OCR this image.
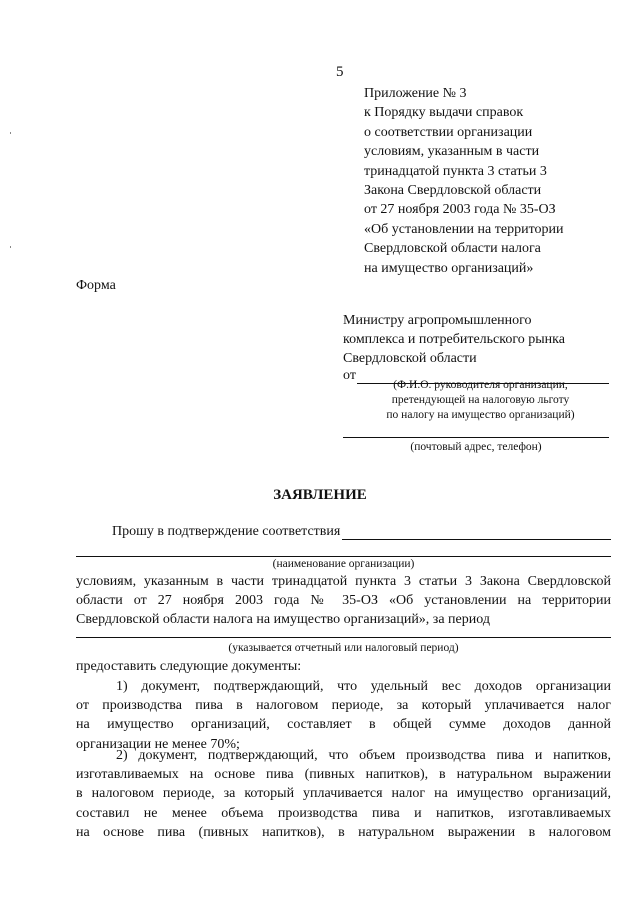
5
Приложение № 3
к Порядку выдачи справок
о соответствии организации
условиям, указанным в части
тринадцатой пункта 3 статьи 3
Закона Свердловской области
от 27 ноября 2003 года № 35-ОЗ
«Об установлении на территории
Свердловской области налога
на имущество организаций»
Форма
Министру агропромышленного
комплекса и потребительского рынка
Свердловской области
от
(Ф.И.О. руководителя организации,
претендующей на налоговую льготу
по налогу на имущество организаций)
(почтовый адрес, телефон)
ЗАЯВЛЕНИЕ
Прошу в подтверждение соответствия
(наименование организации)
условиям, указанным в части тринадцатой пункта 3 статьи 3 Закона Свердловской
области от 27 ноября 2003 года № 35-ОЗ «Об установлении на территории
Свердловской области налога на имущество организаций», за период
(указывается отчетный или налоговый период)
предоставить следующие документы:
1) документ, подтверждающий, что удельный вес доходов организации
от производства пива в налоговом периоде, за который уплачивается налог
на имущество организаций, составляет в общей сумме доходов данной
организации не менее 70%;
2) документ, подтверждающий, что объем производства пива и напитков,
изготавливаемых на основе пива (пивных напитков), в натуральном выражении
в налоговом периоде, за который уплачивается налог на имущество организаций,
составил не менее объема производства пива и напитков, изготавливаемых
на основе пива (пивных напитков), в натуральном выражении в налоговом
